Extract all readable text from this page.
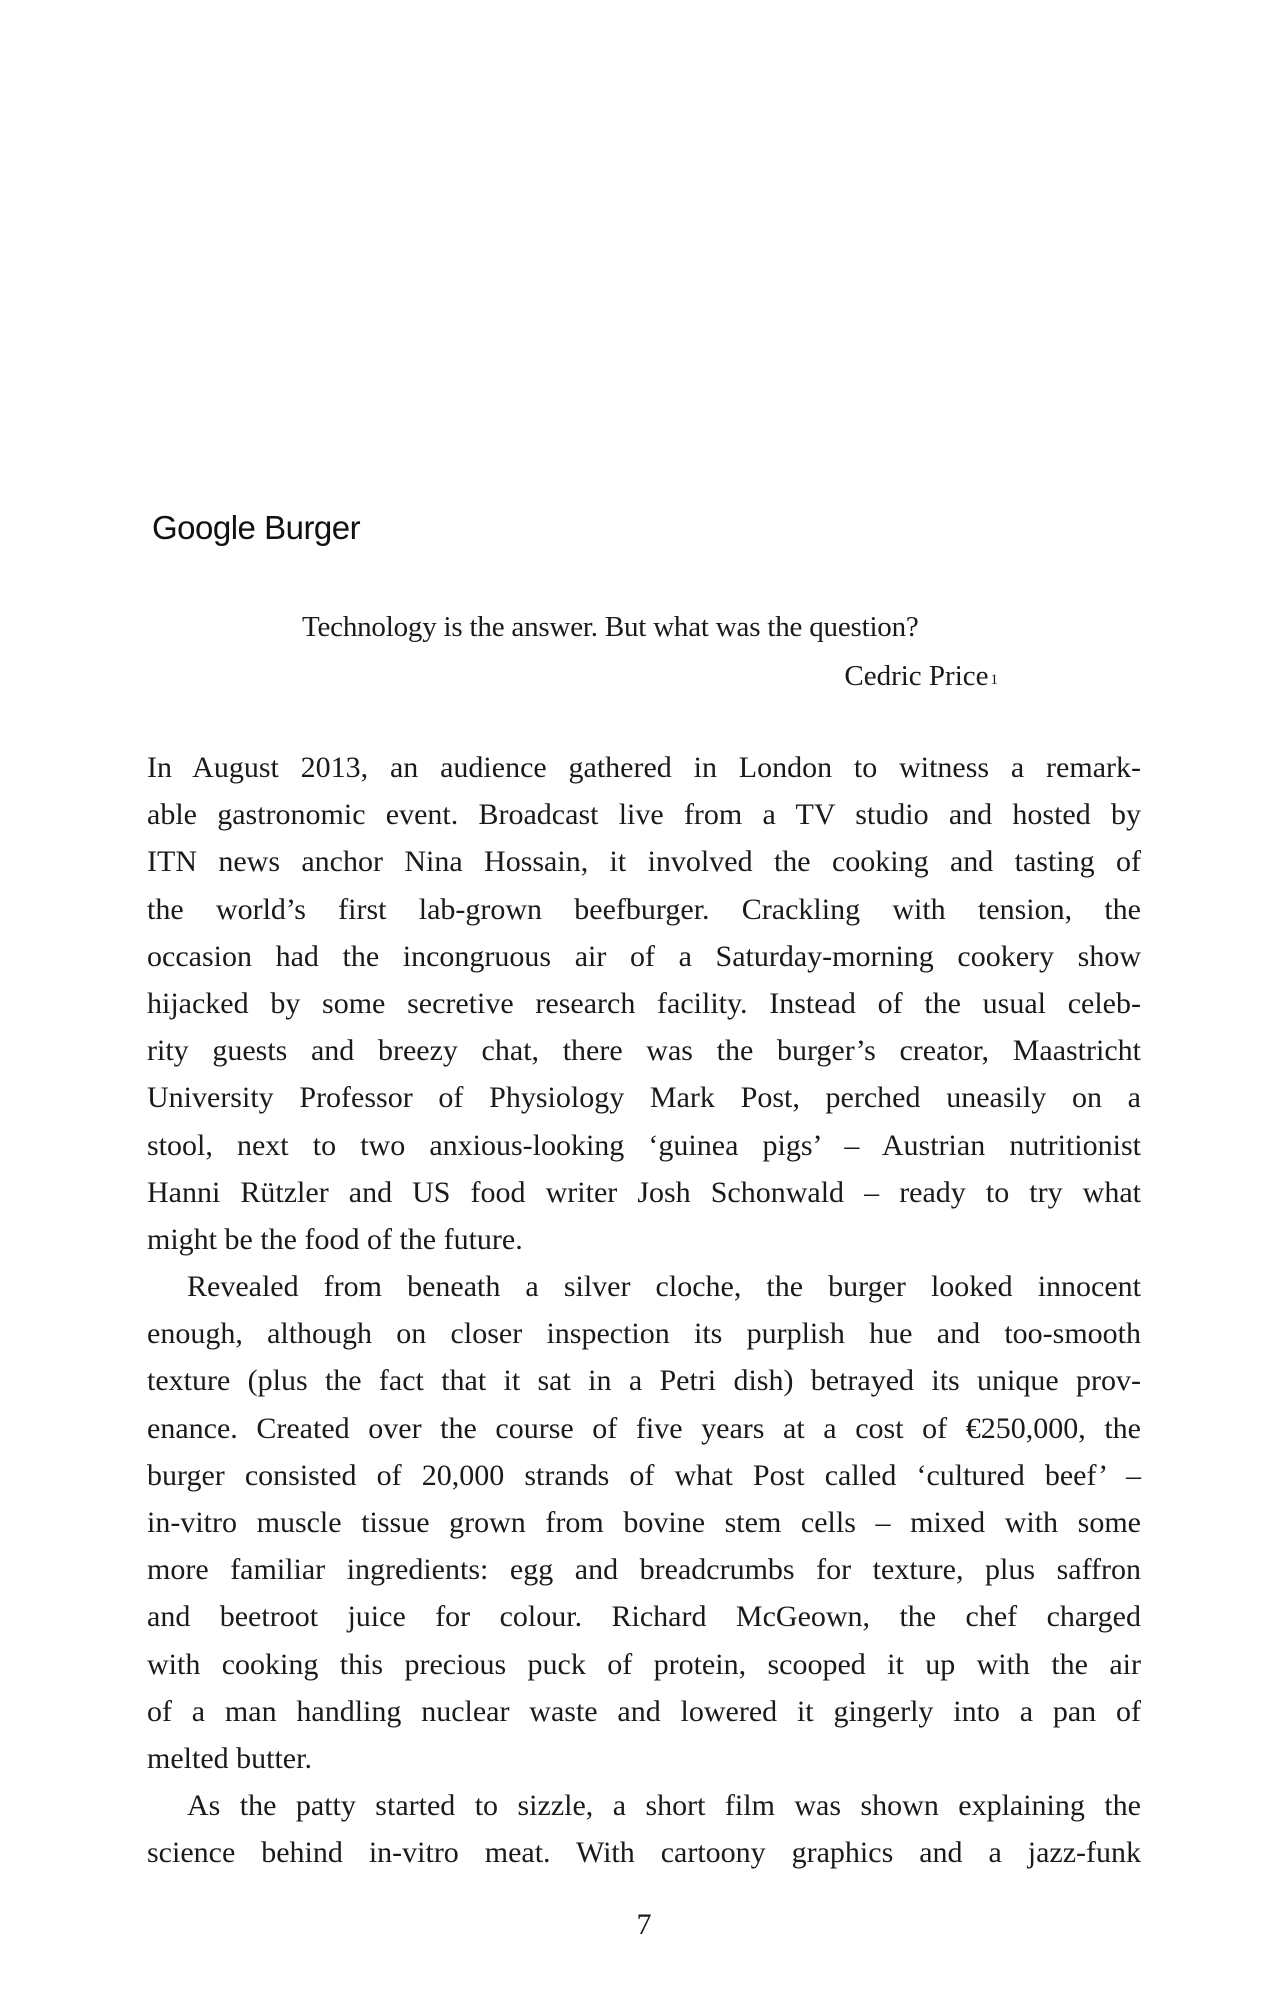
Google Burger
Technology is the answer. But what was the question?
Cedric Price $^1$
In August 2013, an audience gathered in London to witness a remark-
able gastronomic event. Broadcast live from a TV studio and hosted by
ITN news anchor Nina Hossain, it involved the cooking and tasting of
the world’s first lab-grown beefburger. Crackling with tension, the
occasion had the incongruous air of a Saturday-morning cookery show
hijacked by some secretive research facility. Instead of the usual celeb-
rity guests and breezy chat, there was the burger’s creator, Maastricht
University Professor of Physiology Mark Post, perched uneasily on a
stool, next to two anxious-looking ‘guinea pigs’ – Austrian nutritionist
Hanni Rützler and US food writer Josh Schonwald – ready to try what
might be the food of the future.
Revealed from beneath a silver cloche, the burger looked innocent
enough, although on closer inspection its purplish hue and too-smooth
texture (plus the fact that it sat in a Petri dish) betrayed its unique prov-
enance. Created over the course of five years at a cost of €250,000, the
burger consisted of 20,000 strands of what Post called ‘cultured beef’ –
in-vitro muscle tissue grown from bovine stem cells – mixed with some
more familiar ingredients: egg and breadcrumbs for texture, plus saffron
and beetroot juice for colour. Richard McGeown, the chef charged
with cooking this precious puck of protein, scooped it up with the air
of a man handling nuclear waste and lowered it gingerly into a pan of
melted butter.
As the patty started to sizzle, a short film was shown explaining the
science behind in-vitro meat. With cartoony graphics and a jazz-funk
7
